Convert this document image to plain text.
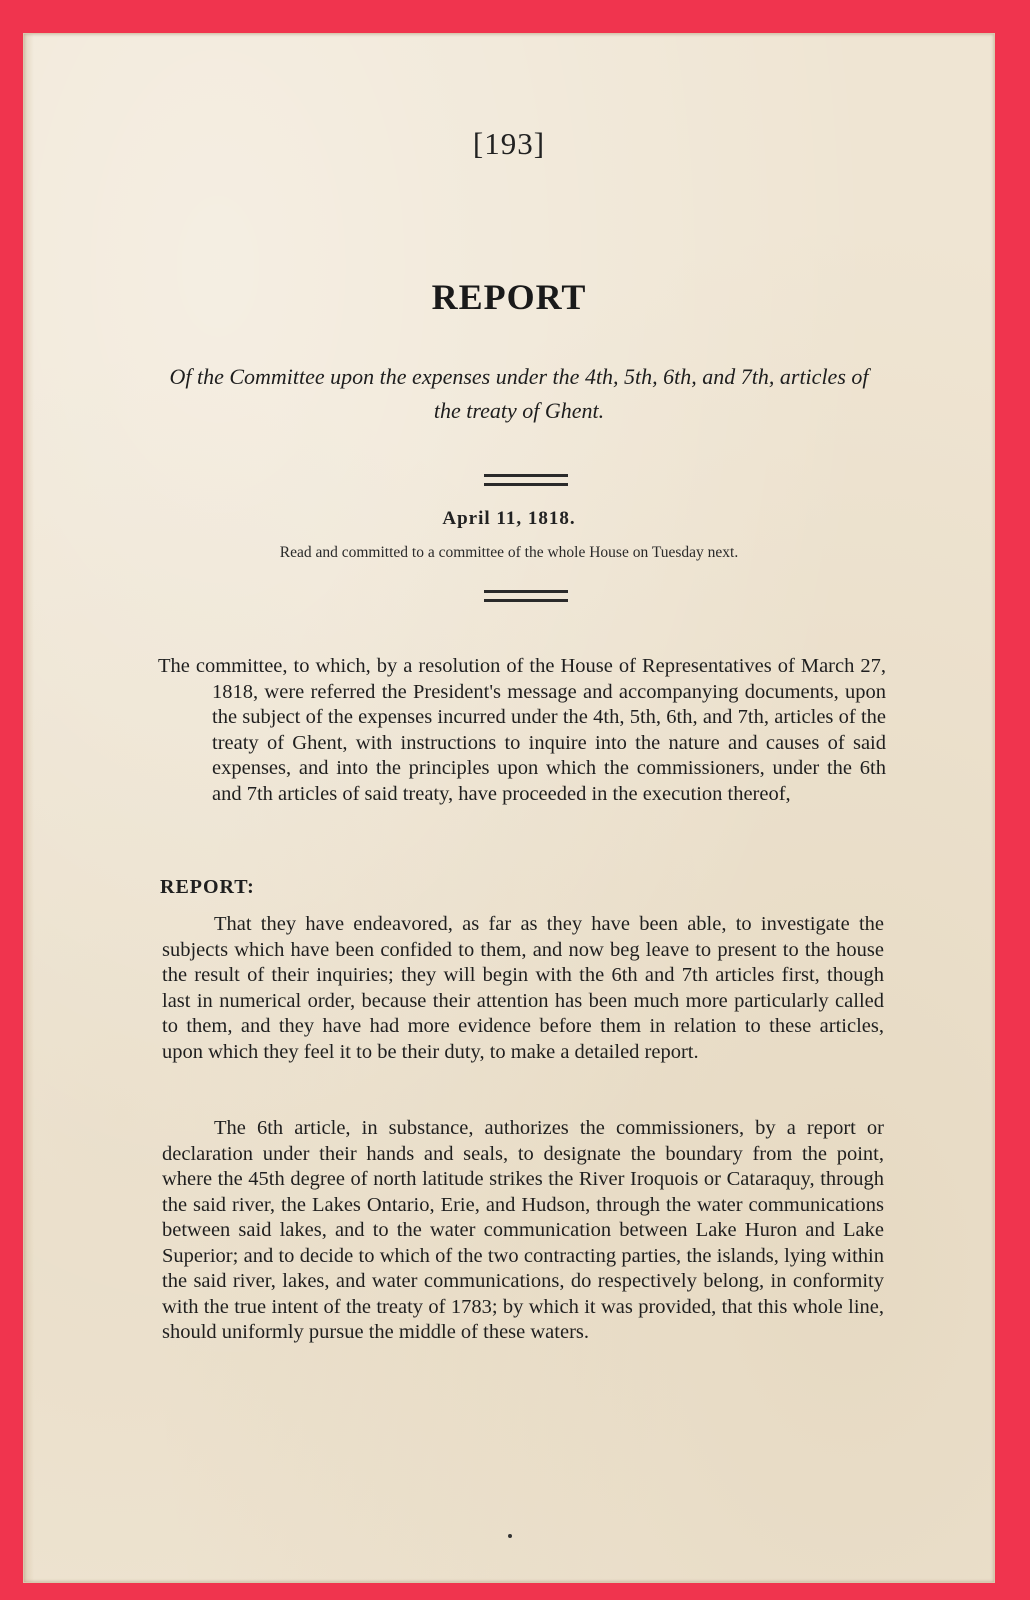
[193]
REPORT
Of the Committee upon the expenses under the 4th, 5th, 6th, and 7th, articles of the treaty of Ghent.
April 11, 1818.
Read and committed to a committee of the whole House on Tuesday next.
The committee, to which, by a resolution of the House of Representatives of March 27, 1818, were referred the President's message and accompanying documents, upon the subject of the expenses incurred under the 4th, 5th, 6th, and 7th, articles of the treaty of Ghent, with instructions to inquire into the nature and causes of said expenses, and into the principles upon which the commissioners, under the 6th and 7th articles of said treaty, have proceeded in the execution thereof,
REPORT:
That they have endeavored, as far as they have been able, to investigate the subjects which have been confided to them, and now beg leave to present to the house the result of their inquiries; they will begin with the 6th and 7th articles first, though last in numerical order, because their attention has been much more particularly called to them, and they have had more evidence before them in relation to these articles, upon which they feel it to be their duty, to make a detailed report.
The 6th article, in substance, authorizes the commissioners, by a report or declaration under their hands and seals, to designate the boundary from the point, where the 45th degree of north latitude strikes the River Iroquois or Cataraquy, through the said river, the Lakes Ontario, Erie, and Hudson, through the water communications between said lakes, and to the water communication between Lake Huron and Lake Superior; and to decide to which of the two contracting parties, the islands, lying within the said river, lakes, and water communications, do respectively belong, in conformity with the true intent of the treaty of 1783; by which it was provided, that this whole line, should uniformly pursue the middle of these waters.
